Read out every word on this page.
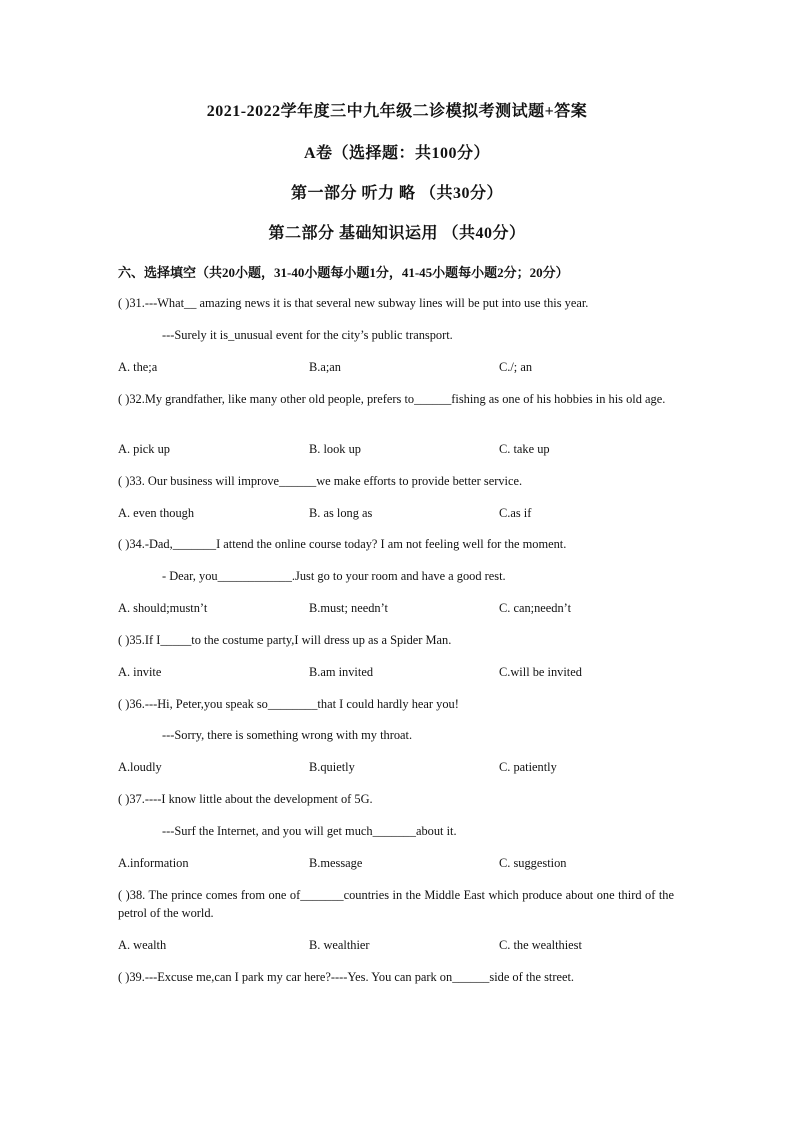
2021-2022学年度三中九年级二诊模拟考测试题+答案
A卷（选择题：共100分）
第一部分 听力 略 （共30分）
第二部分 基础知识运用 （共40分）
六、选择填空（共20小题，31-40小题每小题1分，41-45小题每小题2分；20分）
( )31.---What__ amazing news it is that several new subway lines will be put into use this year.
---Surely it is_unusual event for the city’s public transport.
A. the;a	B.a;an	C./; an
( )32.My grandfather, like many other old people, prefers to______fishing as one of his hobbies in his old age.
A. pick up	B. look up	C. take up
( )33. Our business will improve______we make efforts to provide better service.
A. even though	B. as long as	C.as if
( )34.-Dad,_______I attend the online course today? I am not feeling well for the moment.
- Dear, you____________.Just go to your room and have a good rest.
A. should;mustn’t	B.must; needn’t	C. can;needn’t
( )35.If I_____to the costume party,I will dress up as a Spider Man.
A. invite	B.am invited	C.will be invited
( )36.---Hi, Peter,you speak so________that I could hardly hear you!
---Sorry, there is something wrong with my throat.
A.loudly	B.quietly	C. patiently
( )37.----I know little about the development of 5G.
---Surf the Internet, and you will get much_______about it.
A.information	B.message	C. suggestion
( )38. The prince comes from one of_______countries in the Middle East which produce about one third of the petrol of the world.
A. wealth	B. wealthier	C. the wealthiest
( )39.---Excuse me,can I park my car here?----Yes. You can park on______side of the street.
